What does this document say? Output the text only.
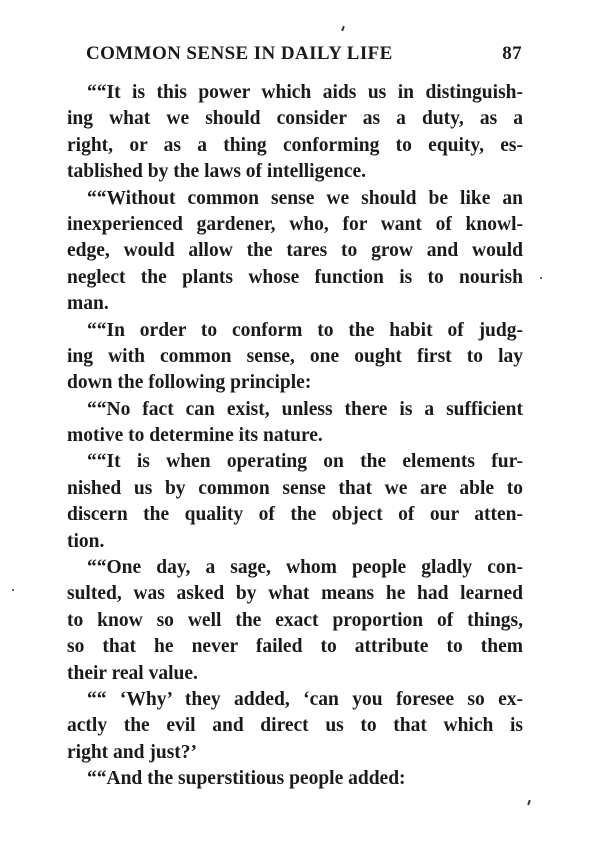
COMMON SENSE IN DAILY LIFE	87
““It is this power which aids us in distinguish-
ing what we should consider as a duty, as a
right, or as a thing conforming to equity, es-
tablished by the laws of intelligence.
““Without common sense we should be like an
inexperienced gardener, who, for want of knowl-
edge, would allow the tares to grow and would
neglect the plants whose function is to nourish
man.
““In order to conform to the habit of judg-
ing with common sense, one ought first to lay
down the following principle:
““No fact can exist, unless there is a sufficient
motive to determine its nature.
““It is when operating on the elements fur-
nished us by common sense that we are able to
discern the quality of the object of our atten-
tion.
““One day, a sage, whom people gladly con-
sulted, was asked by what means he had learned
to know so well the exact proportion of things,
so that he never failed to attribute to them
their real value.
““ ‘Why’ they added, ‘can you foresee so ex-
actly the evil and direct us to that which is
right and just?’
““And the superstitious people added:
